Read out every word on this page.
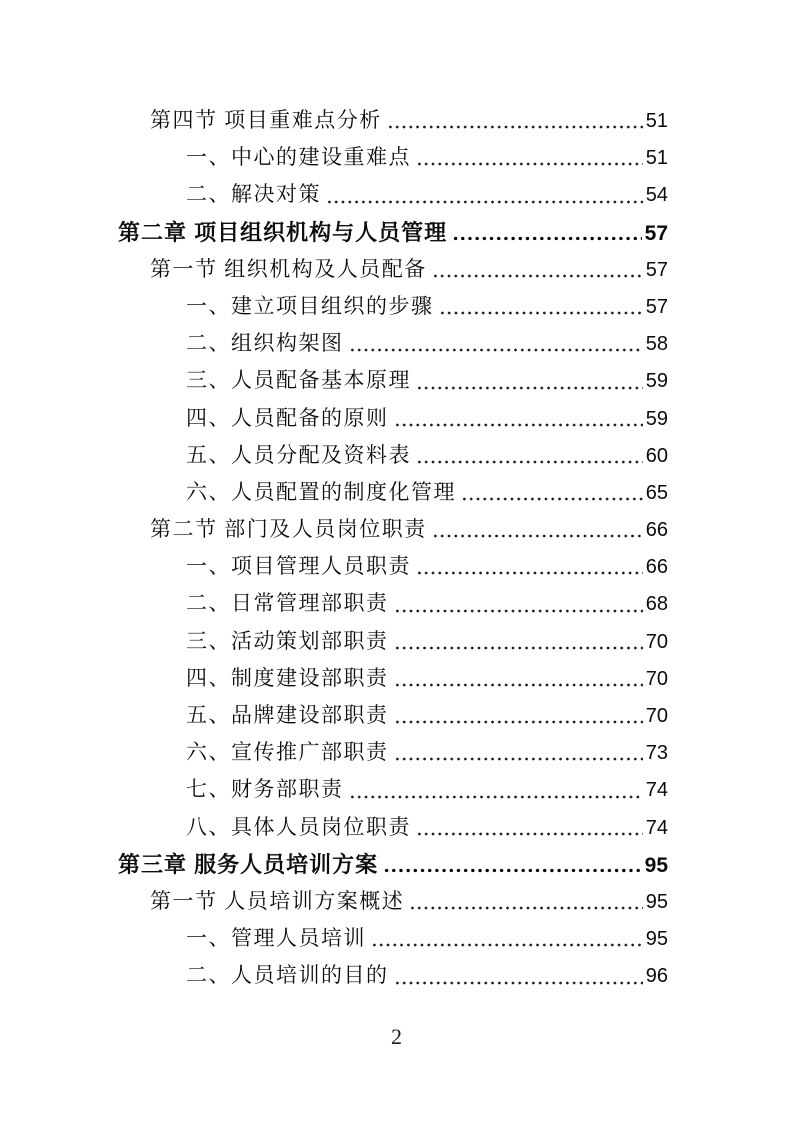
第四节 项目重难点分析	51
一、中心的建设重难点	51
二、解决对策	54
第二章 项目组织机构与人员管理	57
第一节 组织机构及人员配备	57
一、建立项目组织的步骤	57
二、组织构架图	58
三、人员配备基本原理	59
四、人员配备的原则	59
五、人员分配及资料表	60
六、人员配置的制度化管理	65
第二节 部门及人员岗位职责	66
一、项目管理人员职责	66
二、日常管理部职责	68
三、活动策划部职责	70
四、制度建设部职责	70
五、品牌建设部职责	70
六、宣传推广部职责	73
七、财务部职责	74
八、具体人员岗位职责	74
第三章 服务人员培训方案	95
第一节 人员培训方案概述	95
一、管理人员培训	95
二、人员培训的目的	96
2
